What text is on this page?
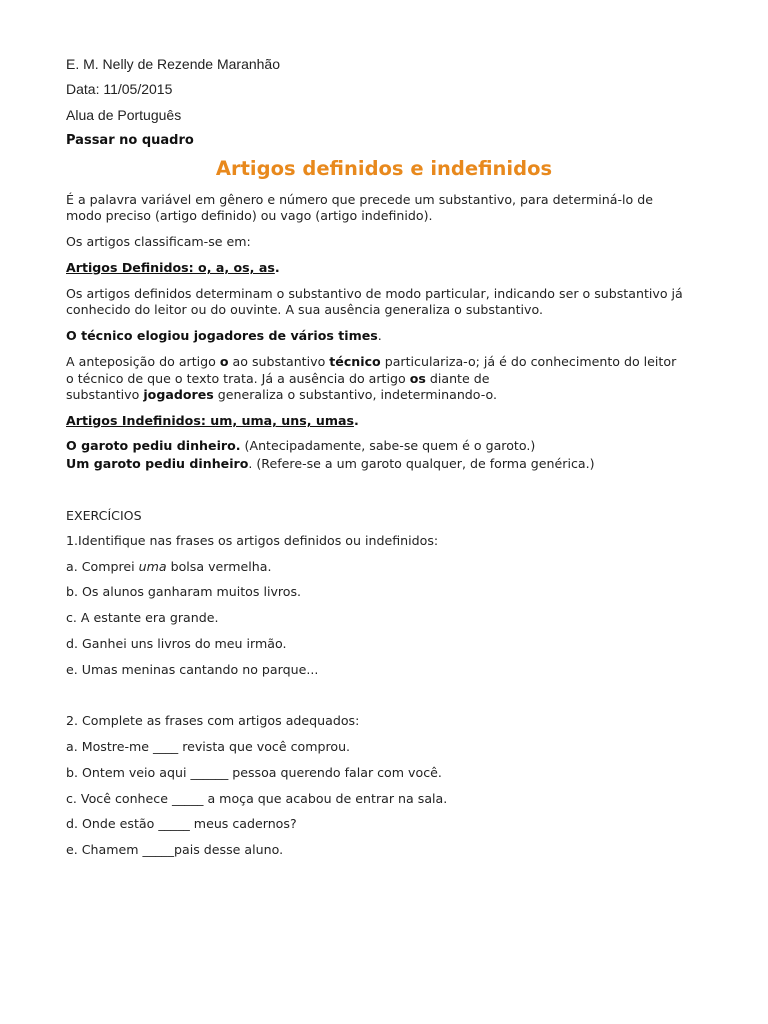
E. M. Nelly de Rezende Maranhão

Data: 11/05/2015

Alua de Português

Passar no quadro

Artigos definidos e indefinidos

É a palavra variável em gênero e número que precede um substantivo, para determiná-lo de

modo preciso (artigo definido) ou vago (artigo indefinido).

Os artigos classificam-se em:

Artigos Definidos: o, a, os, as.

Os artigos definidos determinam o substantivo de modo particular, indicando ser o substantivo já

conhecido do leitor ou do ouvinte. A sua ausência generaliza o substantivo.

O técnico elogiou jogadores de vários times.

A anteposição do artigo o ao substantivo técnico particulariza-o; já é do conhecimento do leitor

o técnico de que o texto trata. Já a ausência do artigo os diante de

substantivo jogadores generaliza o substantivo, indeterminando-o.

Artigos Indefinidos: um, uma, uns, umas.

O garoto pediu dinheiro. (Antecipadamente, sabe-se quem é o garoto.)

Um garoto pediu dinheiro. (Refere-se a um garoto qualquer, de forma genérica.)

EXERCÍCIOS

1.Identifique nas frases os artigos definidos ou indefinidos:

a. Comprei uma bolsa vermelha.

b. Os alunos ganharam muitos livros.

c. A estante era grande.

d. Ganhei uns livros do meu irmão.

e. Umas meninas cantando no parque...

2. Complete as frases com artigos adequados:

a. Mostre-me ____ revista que você comprou.

b. Ontem veio aqui ______ pessoa querendo falar com você.

c. Você conhece _____ a moça que acabou de entrar na sala.

d. Onde estão _____ meus cadernos?

e. Chamem _____pais desse aluno.
